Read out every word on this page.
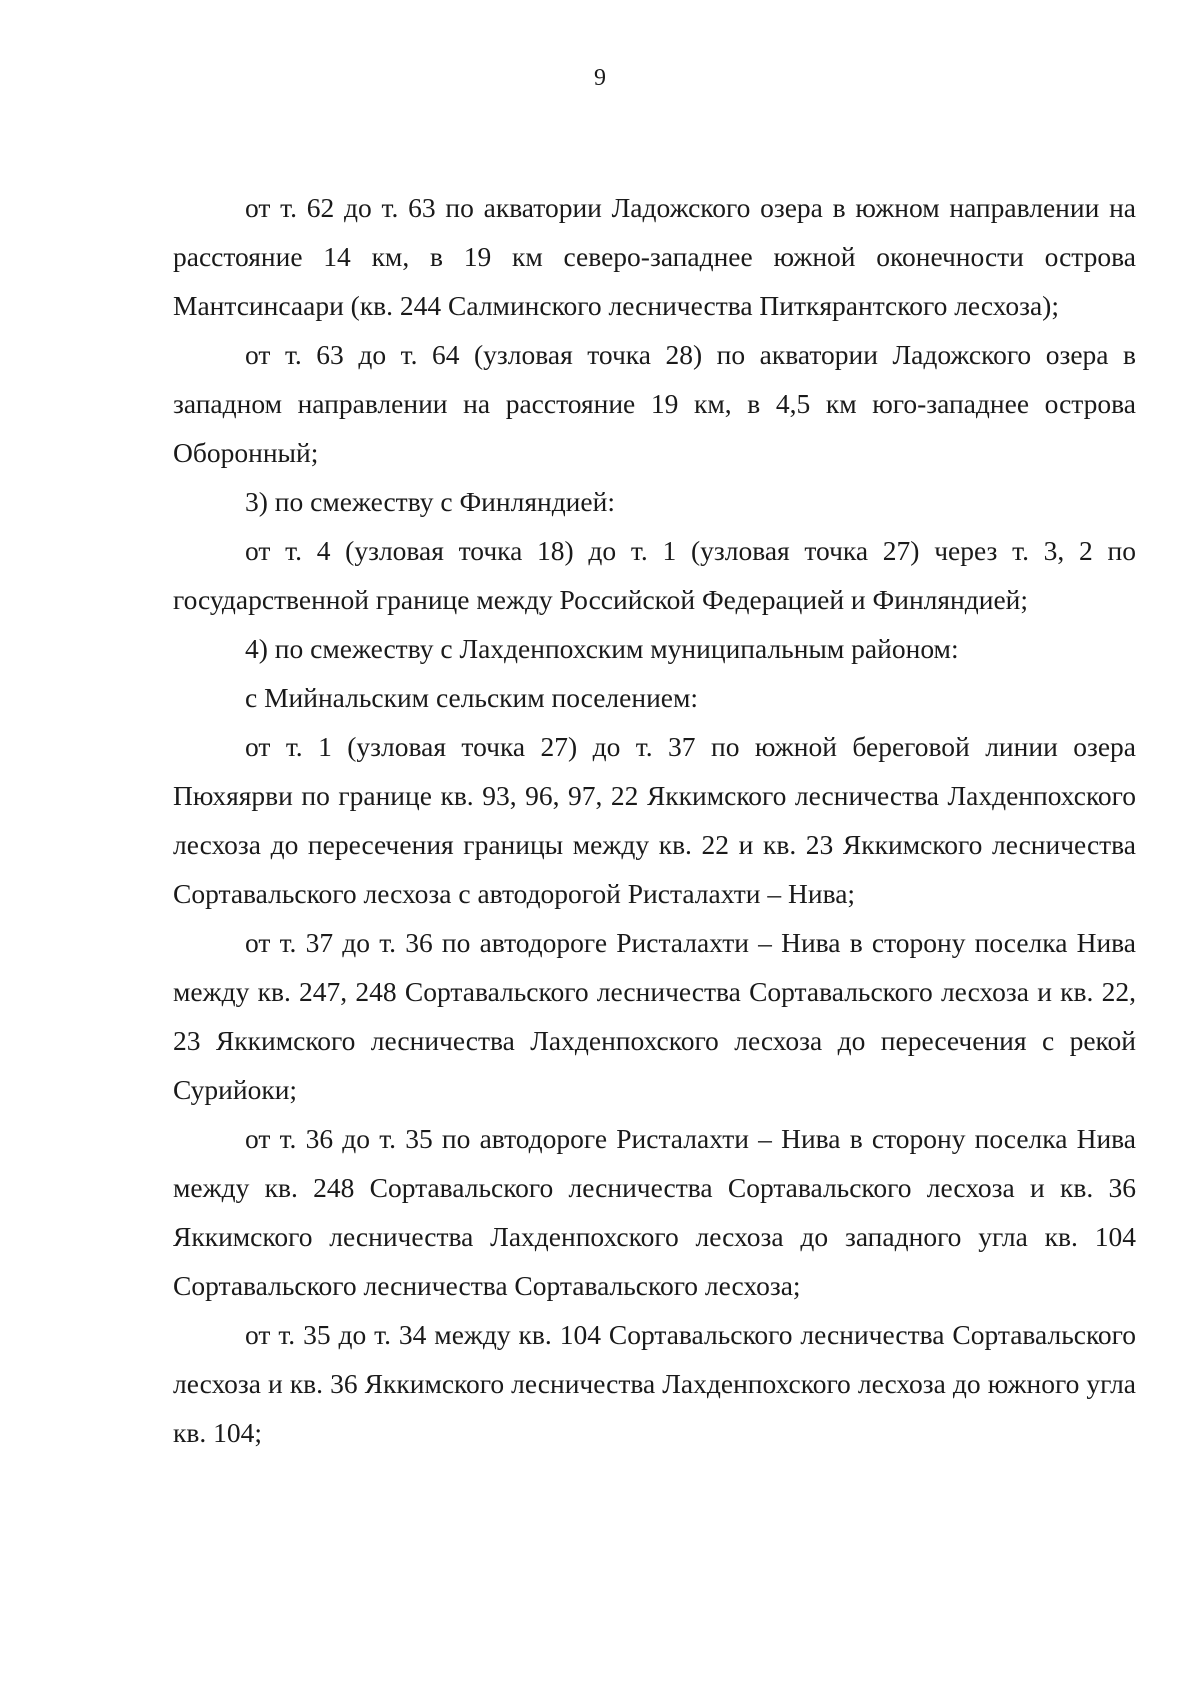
9

от т. 62 до т. 63 по акватории Ладожского озера в южном направлении на расстояние 14 км, в 19 км северо-западнее южной оконечности острова Мантсинсаари (кв. 244 Салминского лесничества Питкярантского лесхоза);

от т. 63 до т. 64 (узловая точка 28) по акватории Ладожского озера в западном направлении на расстояние 19 км, в 4,5 км юго-западнее острова Оборонный;

3) по смежеству с Финляндией:

от т. 4 (узловая точка 18) до т. 1 (узловая точка 27) через т. 3, 2 по государственной границе между Российской Федерацией и Финляндией;

4) по смежеству с Лахденпохским муниципальным районом:

с Мийнальским сельским поселением:

от т. 1 (узловая точка 27) до т. 37 по южной береговой линии озера Пюхяярви по границе кв. 93, 96, 97, 22 Яккимского лесничества Лахденпохского лесхоза до пересечения границы между кв. 22 и кв. 23 Яккимского лесничества Сортавальского лесхоза с автодорогой Ристалахти – Нива;

от т. 37 до т. 36 по автодороге Ристалахти – Нива в сторону поселка Нива между кв. 247, 248 Сортавальского лесничества Сортавальского лесхоза и кв. 22, 23 Яккимского лесничества Лахденпохского лесхоза до пересечения с рекой Сурийоки;

от т. 36 до т. 35 по автодороге Ристалахти – Нива в сторону поселка Нива между кв. 248 Сортавальского лесничества Сортавальского лесхоза и кв. 36 Яккимского лесничества Лахденпохского лесхоза до западного угла кв. 104 Сортавальского лесничества Сортавальского лесхоза;

от т. 35 до т. 34 между кв. 104 Сортавальского лесничества Сортавальского лесхоза и кв. 36 Яккимского лесничества Лахденпохского лесхоза до южного угла кв. 104;
